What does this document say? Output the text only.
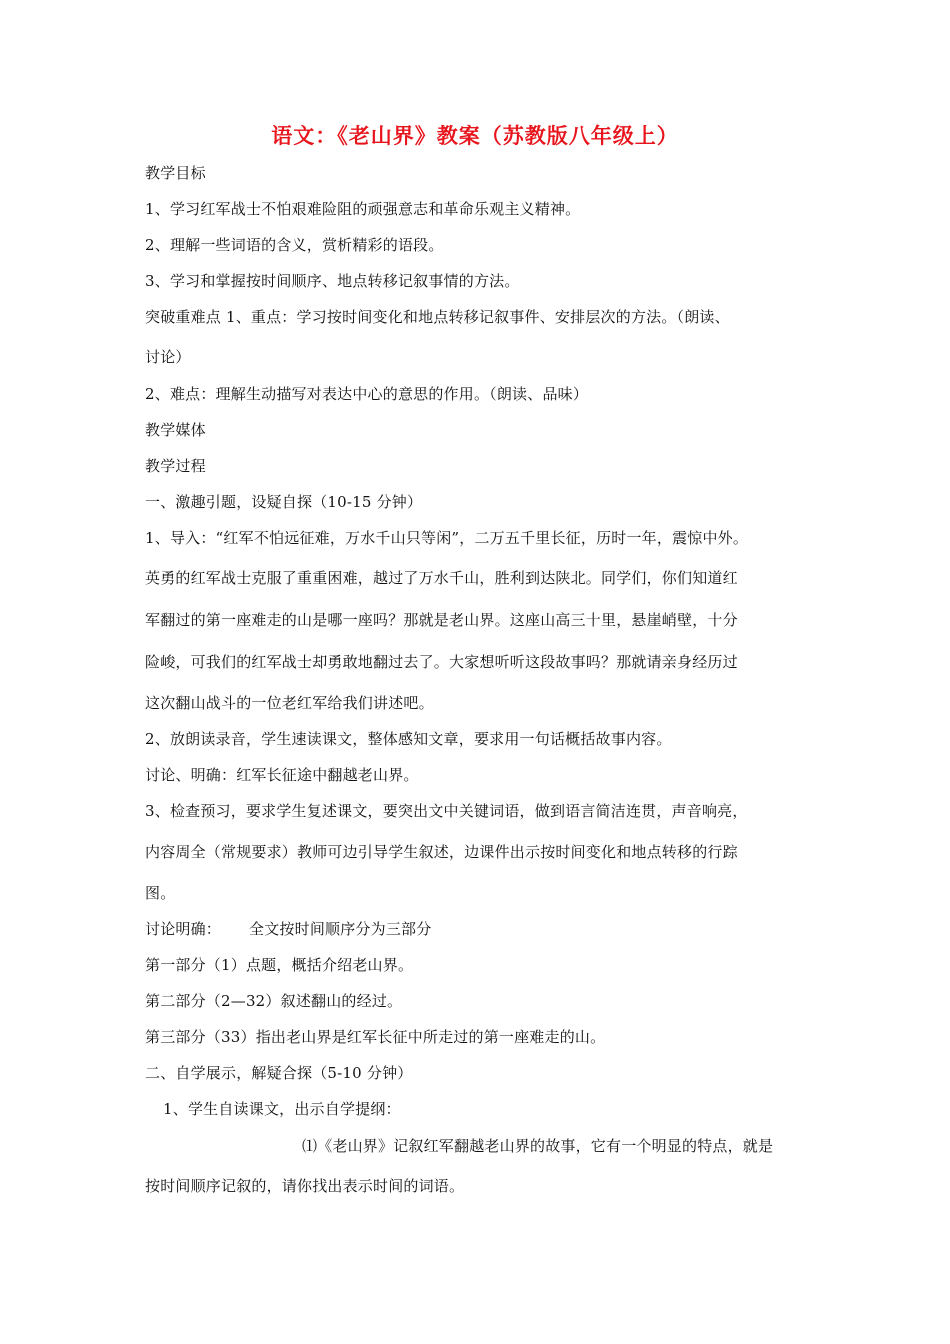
语文：《老山界》教案（苏教版八年级上）
教学目标
1、学习红军战士不怕艰难险阻的顽强意志和革命乐观主义精神。
2、理解一些词语的含义，赏析精彩的语段。
3、学习和掌握按时间顺序、地点转移记叙事情的方法。
突破重难点 1、重点：学习按时间变化和地点转移记叙事件、安排层次的方法。（朗读、
讨论）
2、难点：理解生动描写对表达中心的意思的作用。（朗读、品味）
教学媒体
教学过程
一、激趣引题，设疑自探（10-15 分钟）
1、导入：“红军不怕远征难，万水千山只等闲”，二万五千里长征，历时一年，震惊中外。
英勇的红军战士克服了重重困难，越过了万水千山，胜利到达陕北。同学们，你们知道红
军翻过的第一座难走的山是哪一座吗？那就是老山界。这座山高三十里，悬崖峭壁，十分
险峻，可我们的红军战士却勇敢地翻过去了。大家想听听这段故事吗？那就请亲身经历过
这次翻山战斗的一位老红军给我们讲述吧。
2、放朗读录音，学生速读课文，整体感知文章，要求用一句话概括故事内容。
讨论、明确：红军长征途中翻越老山界。
3、检查预习，要求学生复述课文，要突出文中关键词语，做到语言简洁连贯，声音响亮，
内容周全（常规要求）教师可边引导学生叙述，边课件出示按时间变化和地点转移的行踪
图。
讨论明确： 全文按时间顺序分为三部分
第一部分（1）点题，概括介绍老山界。
第二部分（2—32）叙述翻山的经过。
第三部分（33）指出老山界是红军长征中所走过的第一座难走的山。
二、自学展示，解疑合探（5-10 分钟）
1、学生自读课文，出示自学提纲：
⑴《老山界》记叙红军翻越老山界的故事，它有一个明显的特点，就是
按时间顺序记叙的，请你找出表示时间的词语。
